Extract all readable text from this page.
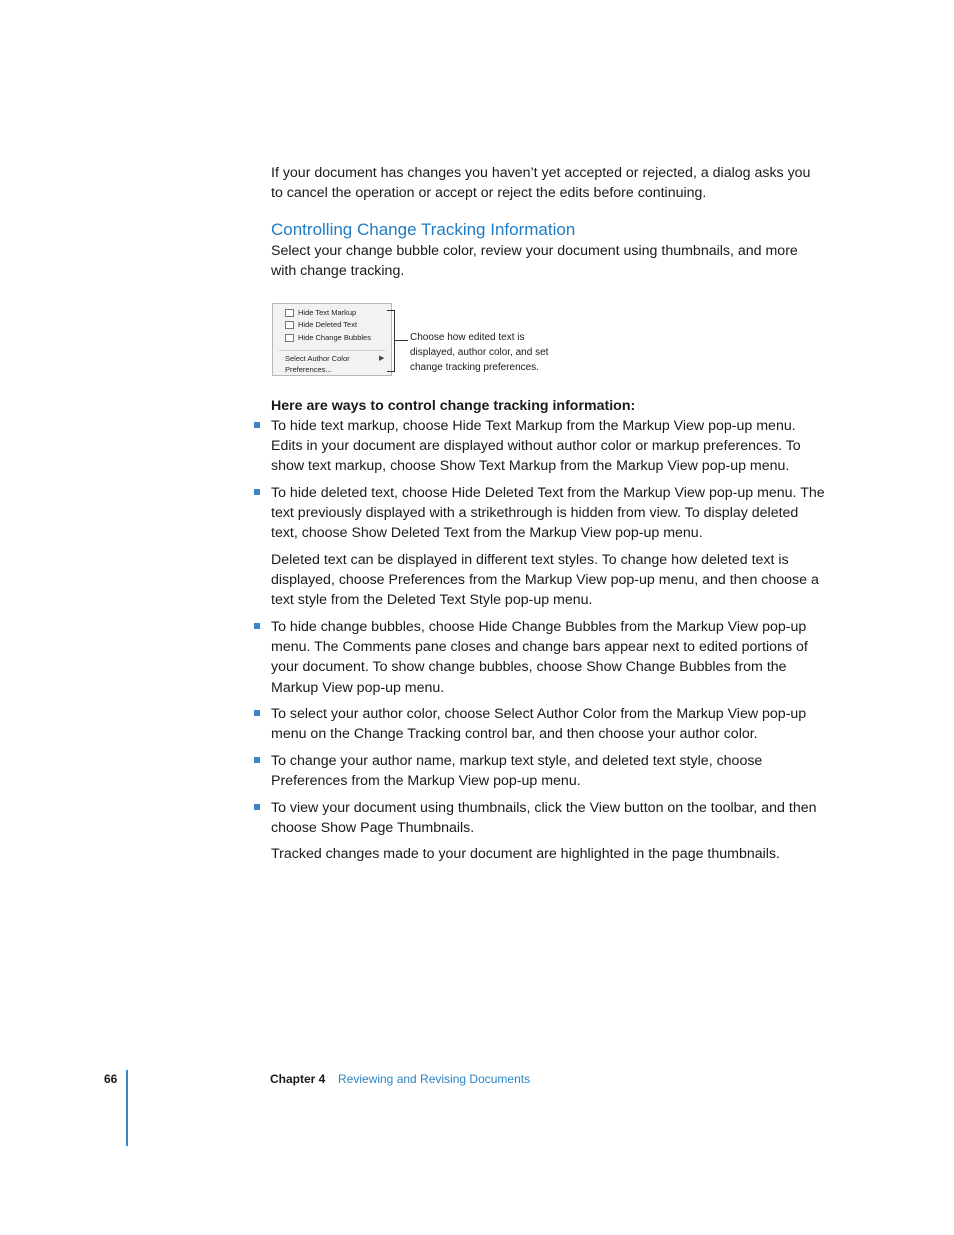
If your document has changes you haven’t yet accepted or rejected, a dialog asks you to cancel the operation or accept or reject the edits before continuing.

Controlling Change Tracking Information

Select your change bubble color, review your document using thumbnails, and more with change tracking.

Hide Text Markup
Hide Deleted Text
Hide Change Bubbles
Select Author Color	▶
Preferences...
Choose how edited text is displayed, author color, and set change tracking preferences.

Here are ways to control change tracking information:

To hide text markup, choose Hide Text Markup from the Markup View pop-up menu. Edits in your document are displayed without author color or markup preferences. To show text markup, choose Show Text Markup from the Markup View pop-up menu.

To hide deleted text, choose Hide Deleted Text from the Markup View pop-up menu. The text previously displayed with a strikethrough is hidden from view. To display deleted text, choose Show Deleted Text from the Markup View pop-up menu.

Deleted text can be displayed in different text styles. To change how deleted text is displayed, choose Preferences from the Markup View pop-up menu, and then choose a text style from the Deleted Text Style pop-up menu.

To hide change bubbles, choose Hide Change Bubbles from the Markup View pop-up menu. The Comments pane closes and change bars appear next to edited portions of your document. To show change bubbles, choose Show Change Bubbles from the Markup View pop-up menu.

To select your author color, choose Select Author Color from the Markup View pop-up menu on the Change Tracking control bar, and then choose your author color.

To change your author name, markup text style, and deleted text style, choose Preferences from the Markup View pop-up menu.

To view your document using thumbnails, click the View button on the toolbar, and then choose Show Page Thumbnails.

Tracked changes made to your document are highlighted in the page thumbnails.

66	Chapter 4 Reviewing and Revising Documents
